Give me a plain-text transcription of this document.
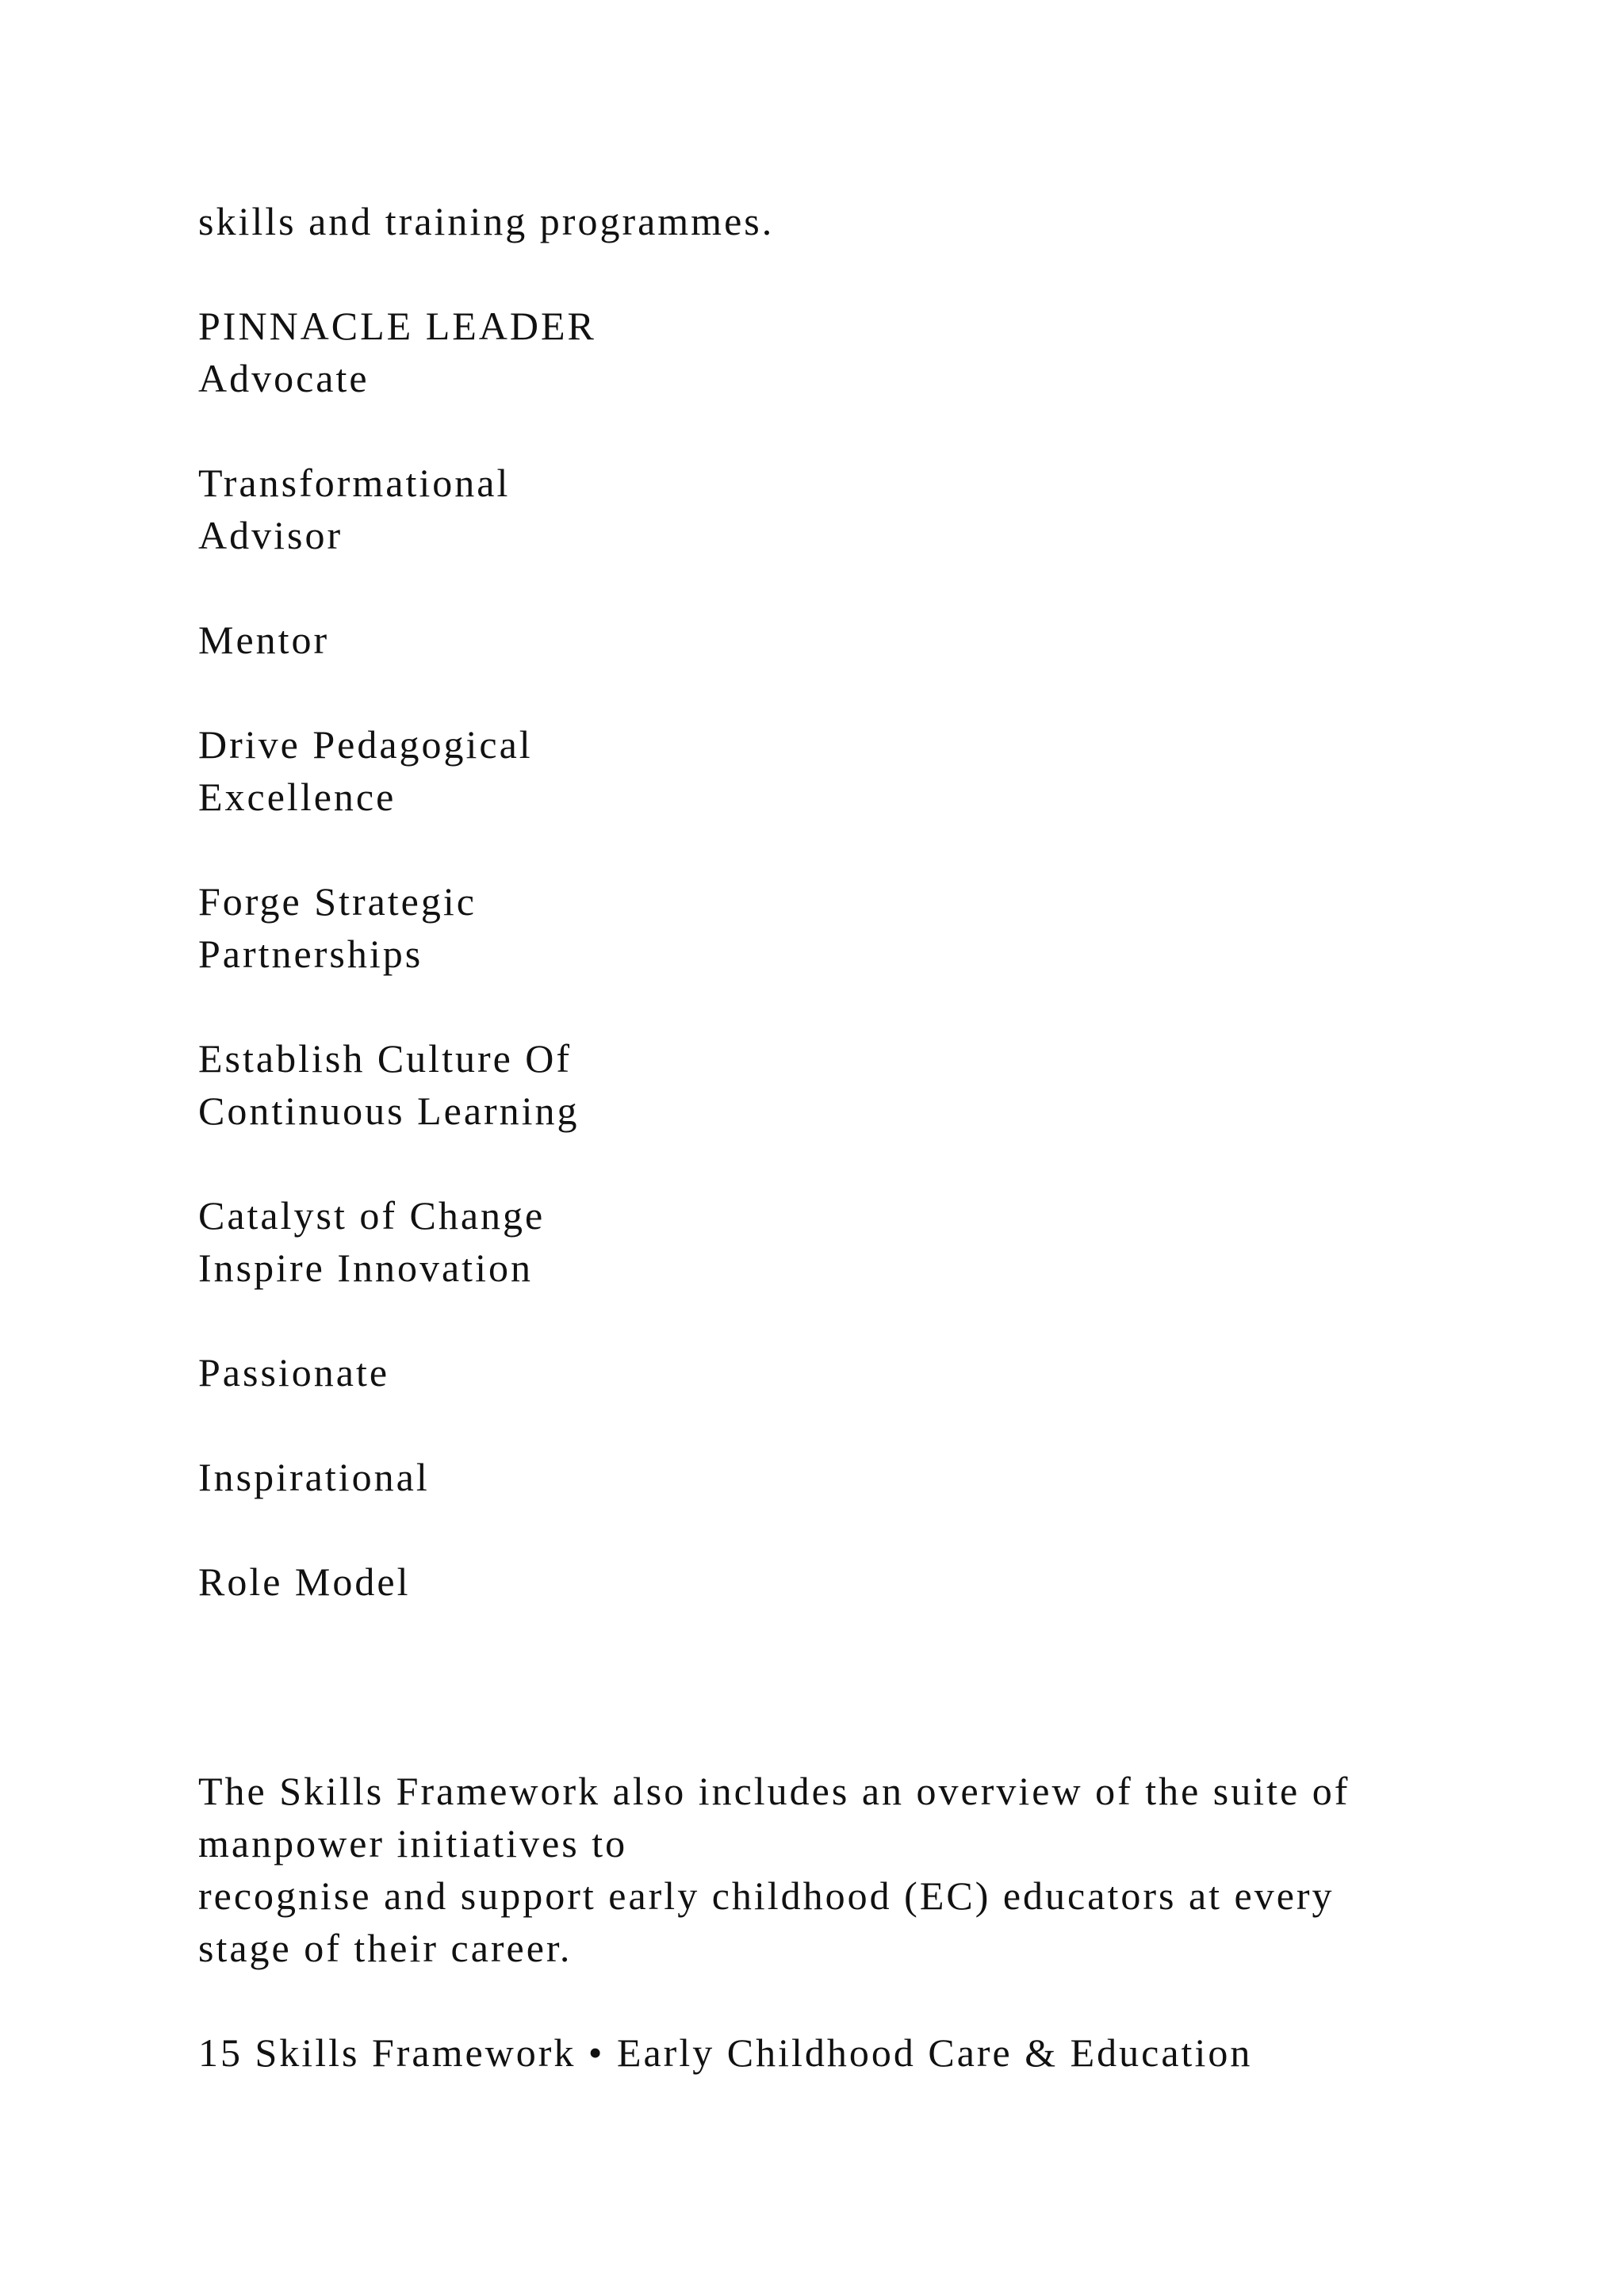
skills and training programmes.
PINNACLE LEADER
Advocate
Transformational
Advisor
Mentor
Drive Pedagogical
Excellence
Forge Strategic
Partnerships
Establish Culture Of
Continuous Learning
Catalyst of Change
Inspire Innovation
Passionate
Inspirational
Role Model
The Skills Framework also includes an overview of the suite of
manpower initiatives to
recognise and support early childhood (EC) educators at every
stage of their career.
15 Skills Framework • Early Childhood Care & Education
